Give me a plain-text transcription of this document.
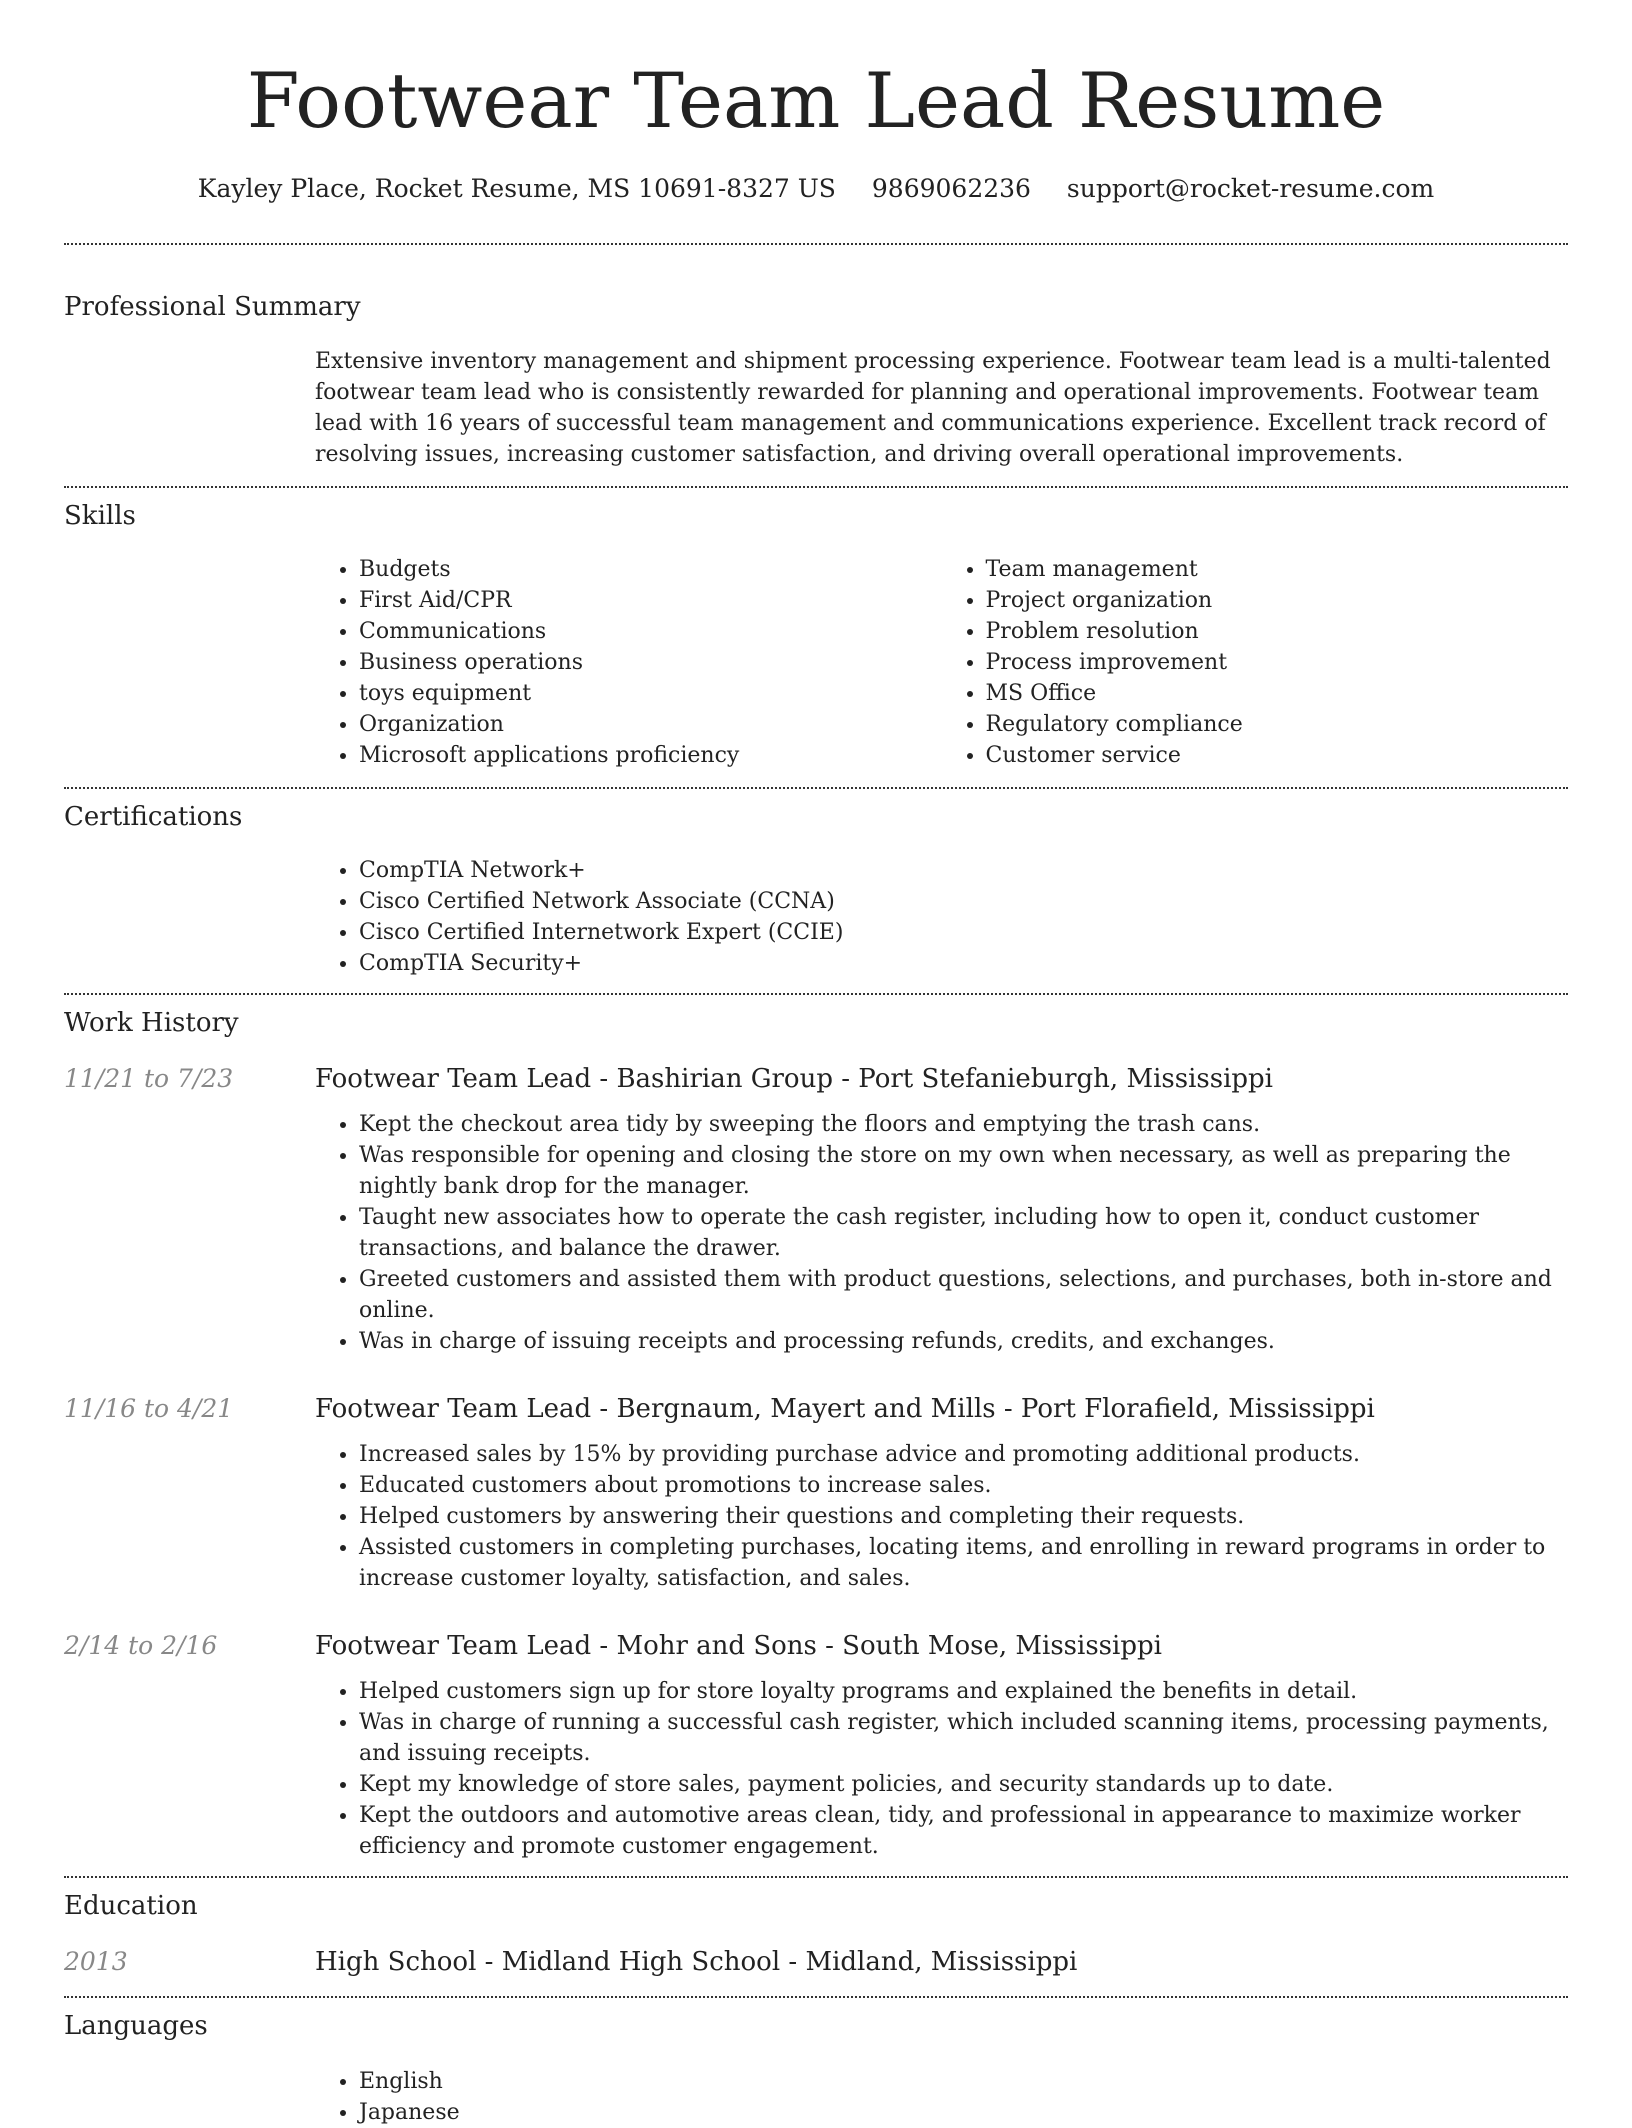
Footwear Team Lead Resume
Kayley Place, Rocket Resume, MS 10691-8327 US 9869062236 support@rocket-resume.com
Professional Summary
Extensive inventory management and shipment processing experience. Footwear team lead is a multi-talented footwear team lead who is consistently rewarded for planning and operational improvements. Footwear team lead with 16 years of successful team management and communications experience. Excellent track record of resolving issues, increasing customer satisfaction, and driving overall operational improvements.
Skills
• Budgets
• First Aid/CPR
• Communications
• Business operations
• toys equipment
• Organization
• Microsoft applications proficiency
• Team management
• Project organization
• Problem resolution
• Process improvement
• MS Office
• Regulatory compliance
• Customer service
Certifications
• CompTIA Network+
• Cisco Certified Network Associate (CCNA)
• Cisco Certified Internetwork Expert (CCIE)
• CompTIA Security+
Work History
11/21 to 7/23	Footwear Team Lead - Bashirian Group - Port Stefanieburgh, Mississippi
• Kept the checkout area tidy by sweeping the floors and emptying the trash cans.
• Was responsible for opening and closing the store on my own when necessary, as well as preparing the nightly bank drop for the manager.
• Taught new associates how to operate the cash register, including how to open it, conduct customer transactions, and balance the drawer.
• Greeted customers and assisted them with product questions, selections, and purchases, both in-store and online.
• Was in charge of issuing receipts and processing refunds, credits, and exchanges.
11/16 to 4/21	Footwear Team Lead - Bergnaum, Mayert and Mills - Port Florafield, Mississippi
• Increased sales by 15% by providing purchase advice and promoting additional products.
• Educated customers about promotions to increase sales.
• Helped customers by answering their questions and completing their requests.
• Assisted customers in completing purchases, locating items, and enrolling in reward programs in order to increase customer loyalty, satisfaction, and sales.
2/14 to 2/16	Footwear Team Lead - Mohr and Sons - South Mose, Mississippi
• Helped customers sign up for store loyalty programs and explained the benefits in detail.
• Was in charge of running a successful cash register, which included scanning items, processing payments, and issuing receipts.
• Kept my knowledge of store sales, payment policies, and security standards up to date.
• Kept the outdoors and automotive areas clean, tidy, and professional in appearance to maximize worker efficiency and promote customer engagement.
Education
2013	High School - Midland High School - Midland, Mississippi
Languages
• English
• Japanese
